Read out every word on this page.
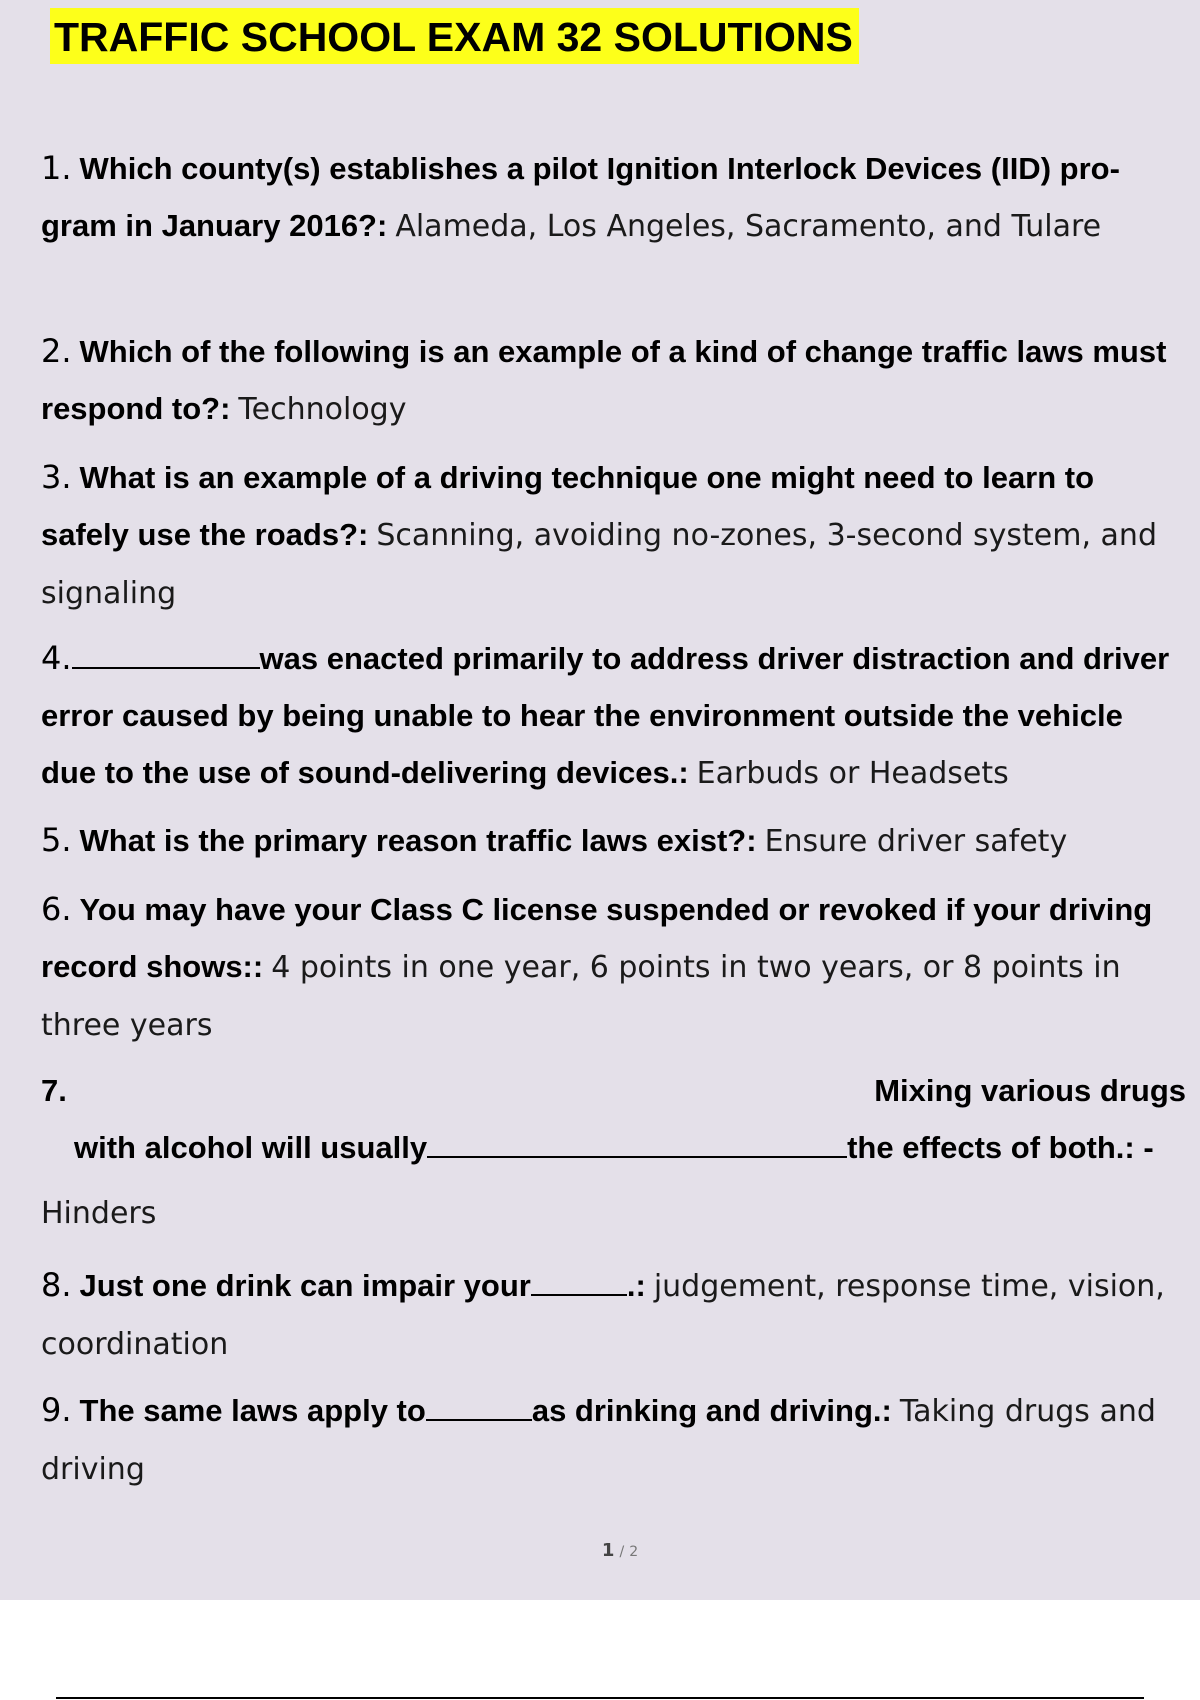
TRAFFIC SCHOOL EXAM 32 SOLUTIONS
1. Which county(s) establishes a pilot Ignition Interlock Devices (IID) pro- gram in January 2016?: Alameda, Los Angeles, Sacramento, and Tulare
2. Which of the following is an example of a kind of change traffic laws must respond to?: Technology
3. What is an example of a driving technique one might need to learn to safely use the roads?: Scanning, avoiding no-zones, 3-second system, and signaling
4.	was enacted primarily to address driver distraction and driver error caused by being unable to hear the environment outside the vehicle due to the use of sound-delivering devices.: Earbuds or Headsets
5. What is the primary reason traffic laws exist?: Ensure driver safety
6. You may have your Class C license suspended or revoked if your driving record shows:: 4 points in one year, 6 points in two years, or 8 points in three years
7.	Mixing various drugs
with alcohol will usually	the effects of both.: -
Hinders
8. Just one drink can impair your	.: judgement, response time, vision, coordination
9. The same laws apply to	as drinking and driving.: Taking drugs and driving
1 / 2
